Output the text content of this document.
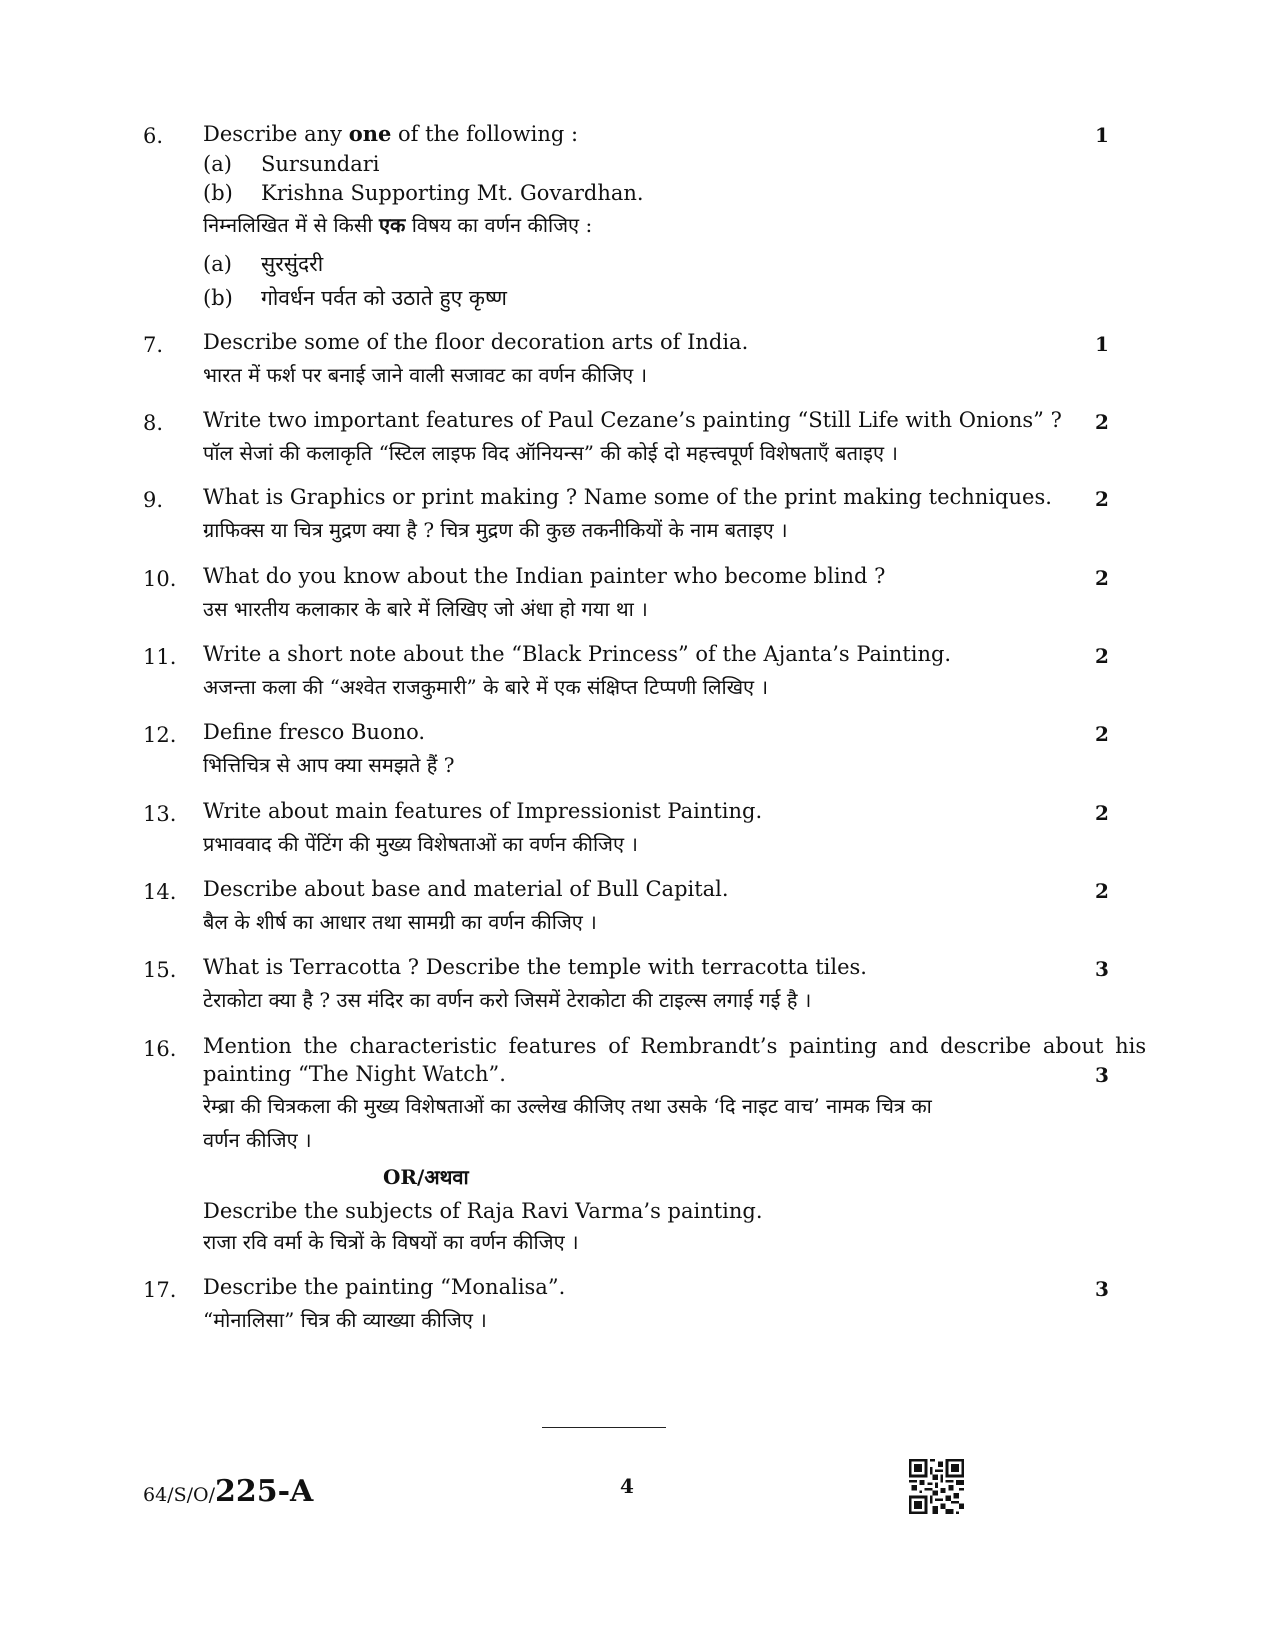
6. Describe any one of the following :	1
(a) Sursundari
(b) Krishna Supporting Mt. Govardhan.
निम्नलिखित में से किसी एक विषय का वर्णन कीजिए :
(a) सुरसुंदरी
(b) गोवर्धन पर्वत को उठाते हुए कृष्ण
7. Describe some of the floor decoration arts of India.	1
भारत में फर्श पर बनाई जाने वाली सजावट का वर्णन कीजिए ।
8. Write two important features of Paul Cezane’s painting “Still Life with Onions” ? 2
पॉल सेजां की कलाकृति “स्टिल लाइफ विद ऑनियन्स” की कोई दो महत्त्वपूर्ण विशेषताएँ बताइए ।
9. What is Graphics or print making ? Name some of the print making techniques. 2
ग्राफिक्स या चित्र मुद्रण क्या है ? चित्र मुद्रण की कुछ तकनीकियों के नाम बताइए ।
10. What do you know about the Indian painter who become blind ?	2
उस भारतीय कलाकार के बारे में लिखिए जो अंधा हो गया था ।
11. Write a short note about the “Black Princess” of the Ajanta’s Painting.	2
अजन्ता कला की “अश्वेत राजकुमारी” के बारे में एक संक्षिप्त टिप्पणी लिखिए ।
12. Define fresco Buono.	2
भित्तिचित्र से आप क्या समझते हैं ?
13. Write about main features of Impressionist Painting.	2
प्रभाववाद की पेंटिंग की मुख्य विशेषताओं का वर्णन कीजिए ।
14. Describe about base and material of Bull Capital.	2
बैल के शीर्ष का आधार तथा सामग्री का वर्णन कीजिए ।
15. What is Terracotta ? Describe the temple with terracotta tiles.	3
टेराकोटा क्या है ? उस मंदिर का वर्णन करो जिसमें टेराकोटा की टाइल्स लगाई गई है ।
16. Mention the characteristic features of Rembrandt’s painting and describe about his
painting “The Night Watch”.	3
रेम्ब्रा की चित्रकला की मुख्य विशेषताओं का उल्लेख कीजिए तथा उसके ‘दि नाइट वाच’ नामक चित्र का
वर्णन कीजिए ।
OR/अथवा
Describe the subjects of Raja Ravi Varma’s painting.
राजा रवि वर्मा के चित्रों के विषयों का वर्णन कीजिए ।
17. Describe the painting “Monalisa”.	3
“मोनालिसा” चित्र की व्याख्या कीजिए ।
64/S/O/225-A	4
